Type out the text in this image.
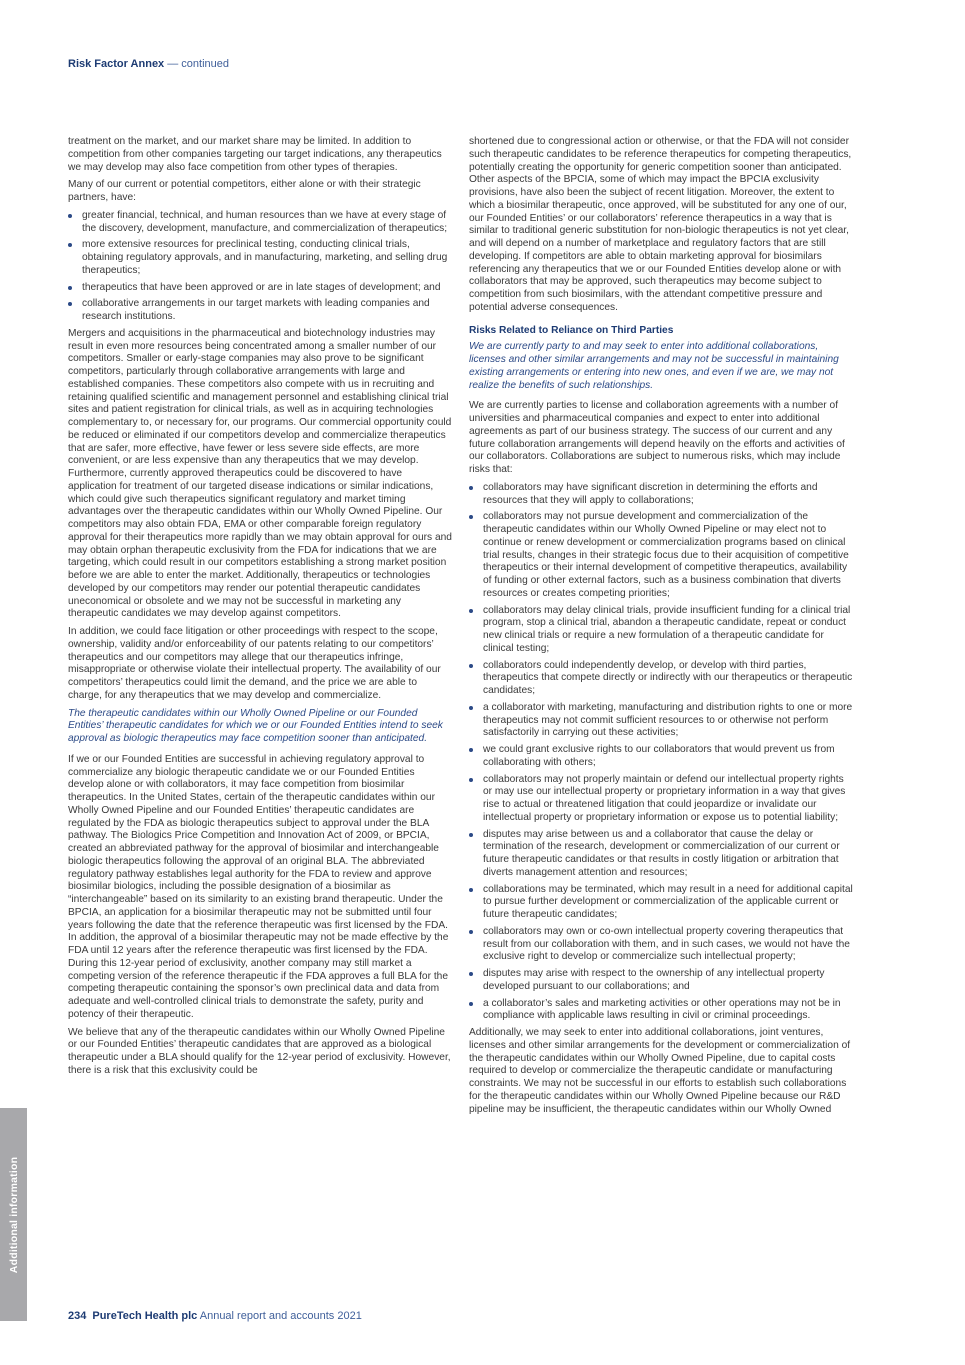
Risk Factor Annex — continued

treatment on the market, and our market share may be limited. In addition to competition from other companies targeting our target indications, any therapeutics we may develop may also face competition from other types of therapies.

Many of our current or potential competitors, either alone or with their strategic partners, have:

greater financial, technical, and human resources than we have at every stage of the discovery, development, manufacture, and commercialization of therapeutics;
more extensive resources for preclinical testing, conducting clinical trials, obtaining regulatory approvals, and in manufacturing, marketing, and selling drug therapeutics;
therapeutics that have been approved or are in late stages of development; and
collaborative arrangements in our target markets with leading companies and research institutions.

Mergers and acquisitions in the pharmaceutical and biotechnology industries may result in even more resources being concentrated among a smaller number of our competitors. Smaller or early-stage companies may also prove to be significant competitors, particularly through collaborative arrangements with large and established companies. These competitors also compete with us in recruiting and retaining qualified scientific and management personnel and establishing clinical trial sites and patient registration for clinical trials, as well as in acquiring technologies complementary to, or necessary for, our programs. Our commercial opportunity could be reduced or eliminated if our competitors develop and commercialize therapeutics that are safer, more effective, have fewer or less severe side effects, are more convenient, or are less expensive than any therapeutics that we may develop. Furthermore, currently approved therapeutics could be discovered to have application for treatment of our targeted disease indications or similar indications, which could give such therapeutics significant regulatory and market timing advantages over the therapeutic candidates within our Wholly Owned Pipeline. Our competitors may also obtain FDA, EMA or other comparable foreign regulatory approval for their therapeutics more rapidly than we may obtain approval for ours and may obtain orphan therapeutic exclusivity from the FDA for indications that we are targeting, which could result in our competitors establishing a strong market position before we are able to enter the market. Additionally, therapeutics or technologies developed by our competitors may render our potential therapeutic candidates uneconomical or obsolete and we may not be successful in marketing any therapeutic candidates we may develop against competitors.

In addition, we could face litigation or other proceedings with respect to the scope, ownership, validity and/or enforceability of our patents relating to our competitors’ therapeutics and our competitors may allege that our therapeutics infringe, misappropriate or otherwise violate their intellectual property. The availability of our competitors’ therapeutics could limit the demand, and the price we are able to charge, for any therapeutics that we may develop and commercialize.

The therapeutic candidates within our Wholly Owned Pipeline or our Founded Entities’ therapeutic candidates for which we or our Founded Entities intend to seek approval as biologic therapeutics may face competition sooner than anticipated.

If we or our Founded Entities are successful in achieving regulatory approval to commercialize any biologic therapeutic candidate we or our Founded Entities develop alone or with collaborators, it may face competition from biosimilar therapeutics. In the United States, certain of the therapeutic candidates within our Wholly Owned Pipeline and our Founded Entities’ therapeutic candidates are regulated by the FDA as biologic therapeutics subject to approval under the BLA pathway. The Biologics Price Competition and Innovation Act of 2009, or BPCIA, created an abbreviated pathway for the approval of biosimilar and interchangeable biologic therapeutics following the approval of an original BLA. The abbreviated regulatory pathway establishes legal authority for the FDA to review and approve biosimilar biologics, including the possible designation of a biosimilar as “interchangeable” based on its similarity to an existing brand therapeutic. Under the BPCIA, an application for a biosimilar therapeutic may not be submitted until four years following the date that the reference therapeutic was first licensed by the FDA. In addition, the approval of a biosimilar therapeutic may not be made effective by the FDA until 12 years after the reference therapeutic was first licensed by the FDA. During this 12-year period of exclusivity, another company may still market a competing version of the reference therapeutic if the FDA approves a full BLA for the competing therapeutic containing the sponsor’s own preclinical data and data from adequate and well-controlled clinical trials to demonstrate the safety, purity and potency of their therapeutic.

We believe that any of the therapeutic candidates within our Wholly Owned Pipeline or our Founded Entities’ therapeutic candidates that are approved as a biological therapeutic under a BLA should qualify for the 12-year period of exclusivity. However, there is a risk that this exclusivity could be

shortened due to congressional action or otherwise, or that the FDA will not consider such therapeutic candidates to be reference therapeutics for competing therapeutics, potentially creating the opportunity for generic competition sooner than anticipated. Other aspects of the BPCIA, some of which may impact the BPCIA exclusivity provisions, have also been the subject of recent litigation. Moreover, the extent to which a biosimilar therapeutic, once approved, will be substituted for any one of our, our Founded Entities’ or our collaborators’ reference therapeutics in a way that is similar to traditional generic substitution for non-biologic therapeutics is not yet clear, and will depend on a number of marketplace and regulatory factors that are still developing. If competitors are able to obtain marketing approval for biosimilars referencing any therapeutics that we or our Founded Entities develop alone or with collaborators that may be approved, such therapeutics may become subject to competition from such biosimilars, with the attendant competitive pressure and potential adverse consequences.

Risks Related to Reliance on Third Parties

We are currently party to and may seek to enter into additional collaborations, licenses and other similar arrangements and may not be successful in maintaining existing arrangements or entering into new ones, and even if we are, we may not realize the benefits of such relationships.

We are currently parties to license and collaboration agreements with a number of universities and pharmaceutical companies and expect to enter into additional agreements as part of our business strategy. The success of our current and any future collaboration arrangements will depend heavily on the efforts and activities of our collaborators. Collaborations are subject to numerous risks, which may include risks that:

collaborators may have significant discretion in determining the efforts and resources that they will apply to collaborations;
collaborators may not pursue development and commercialization of the therapeutic candidates within our Wholly Owned Pipeline or may elect not to continue or renew development or commercialization programs based on clinical trial results, changes in their strategic focus due to their acquisition of competitive therapeutics or their internal development of competitive therapeutics, availability of funding or other external factors, such as a business combination that diverts resources or creates competing priorities;
collaborators may delay clinical trials, provide insufficient funding for a clinical trial program, stop a clinical trial, abandon a therapeutic candidate, repeat or conduct new clinical trials or require a new formulation of a therapeutic candidate for clinical testing;
collaborators could independently develop, or develop with third parties, therapeutics that compete directly or indirectly with our therapeutics or therapeutic candidates;
a collaborator with marketing, manufacturing and distribution rights to one or more therapeutics may not commit sufficient resources to or otherwise not perform satisfactorily in carrying out these activities;
we could grant exclusive rights to our collaborators that would prevent us from collaborating with others;
collaborators may not properly maintain or defend our intellectual property rights or may use our intellectual property or proprietary information in a way that gives rise to actual or threatened litigation that could jeopardize or invalidate our intellectual property or proprietary information or expose us to potential liability;
disputes may arise between us and a collaborator that cause the delay or termination of the research, development or commercialization of our current or future therapeutic candidates or that results in costly litigation or arbitration that diverts management attention and resources;
collaborations may be terminated, which may result in a need for additional capital to pursue further development or commercialization of the applicable current or future therapeutic candidates;
collaborators may own or co-own intellectual property covering therapeutics that result from our collaboration with them, and in such cases, we would not have the exclusive right to develop or commercialize such intellectual property;
disputes may arise with respect to the ownership of any intellectual property developed pursuant to our collaborations; and
a collaborator’s sales and marketing activities or other operations may not be in compliance with applicable laws resulting in civil or criminal proceedings.

Additionally, we may seek to enter into additional collaborations, joint ventures, licenses and other similar arrangements for the development or commercialization of the therapeutic candidates within our Wholly Owned Pipeline, due to capital costs required to develop or commercialize the therapeutic candidate or manufacturing constraints. We may not be successful in our efforts to establish such collaborations for the therapeutic candidates within our Wholly Owned Pipeline because our R&D pipeline may be insufficient, the therapeutic candidates within our Wholly Owned

Additional information
234 PureTech Health plc Annual report and accounts 2021
